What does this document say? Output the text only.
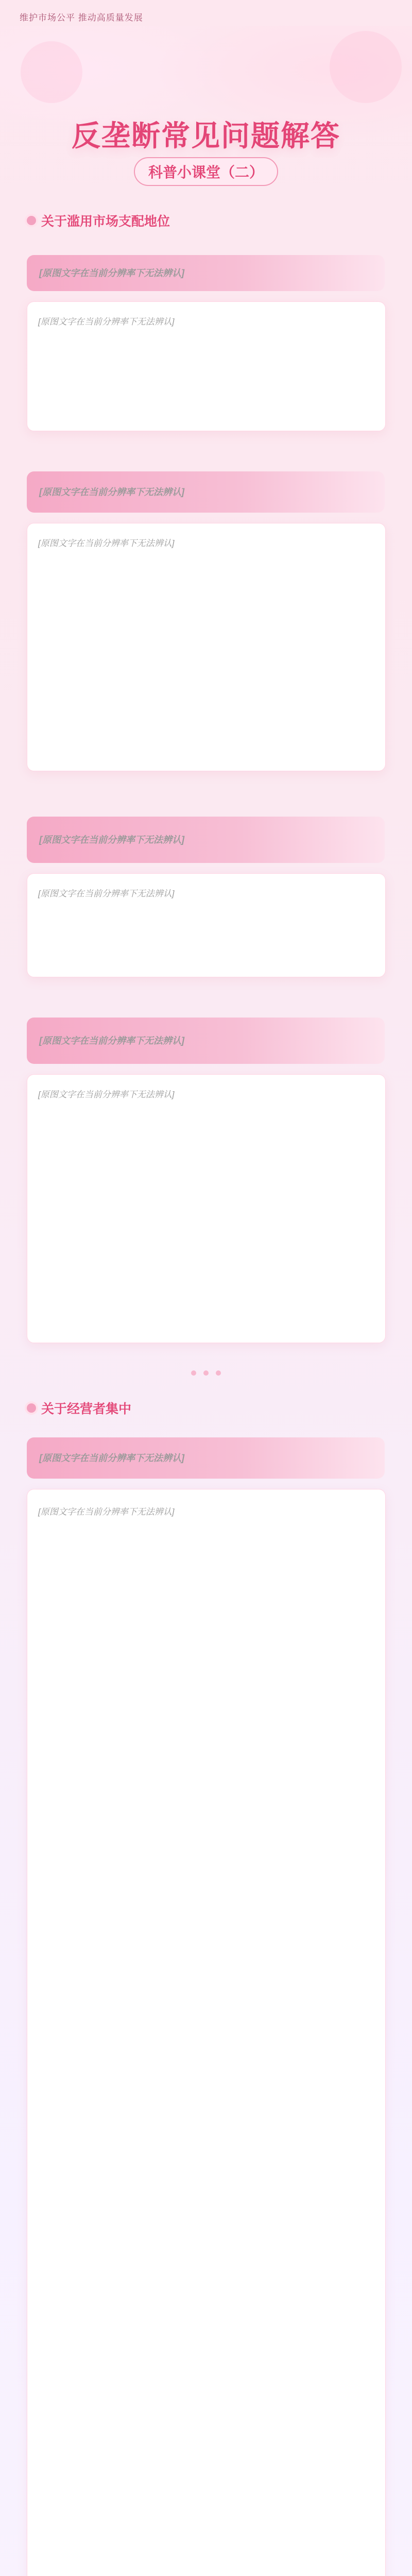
维护市场公平 推动高质量发展
反垄断常见问题解答
科普小课堂（二）
关于滥用市场支配地位
[原图文字在当前分辨率下无法辨认]
[原图文字在当前分辨率下无法辨认]
[原图文字在当前分辨率下无法辨认]
[原图文字在当前分辨率下无法辨认]
[原图文字在当前分辨率下无法辨认]
[原图文字在当前分辨率下无法辨认]
[原图文字在当前分辨率下无法辨认]
[原图文字在当前分辨率下无法辨认]
关于经营者集中
[原图文字在当前分辨率下无法辨认]
[原图文字在当前分辨率下无法辨认]
